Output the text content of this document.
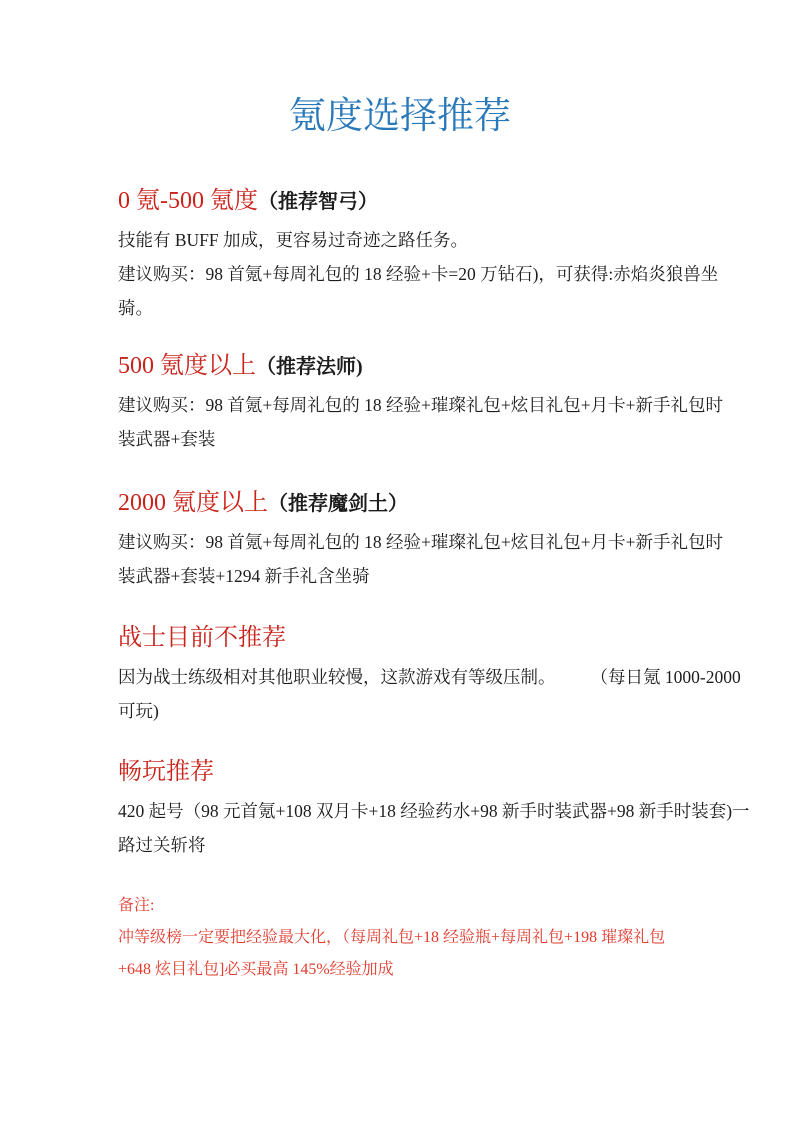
氪度选择推荐
0 氪-500 氪度（推荐智弓）
技能有 BUFF 加成，更容易过奇迹之路任务。
建议购买：98 首氪+每周礼包的 18 经验+卡=20 万钻石)，可获得:赤焰炎狼兽坐
骑。
500 氪度以上（推荐法师)
建议购买：98 首氪+每周礼包的 18 经验+璀璨礼包+炫目礼包+月卡+新手礼包时
装武器+套装
2000 氪度以上（推荐魔剑土）
建议购买：98 首氪+每周礼包的 18 经验+璀璨礼包+炫目礼包+月卡+新手礼包时
装武器+套装+1294 新手礼含坐骑
战士目前不推荐
因为战士练级相对其他职业较慢，这款游戏有等级压制。　　　（每日氪 1000-2000
可玩)
畅玩推荐
420 起号（98 元首氪+108 双月卡+18 经验药水+98 新手时装武器+98 新手时装套)一
路过关斩将
备注:
冲等级榜一定要把经验最大化，（每周礼包+18 经验瓶+每周礼包+198 璀璨礼包
+648 炫目礼包]必买最高 145%经验加成
